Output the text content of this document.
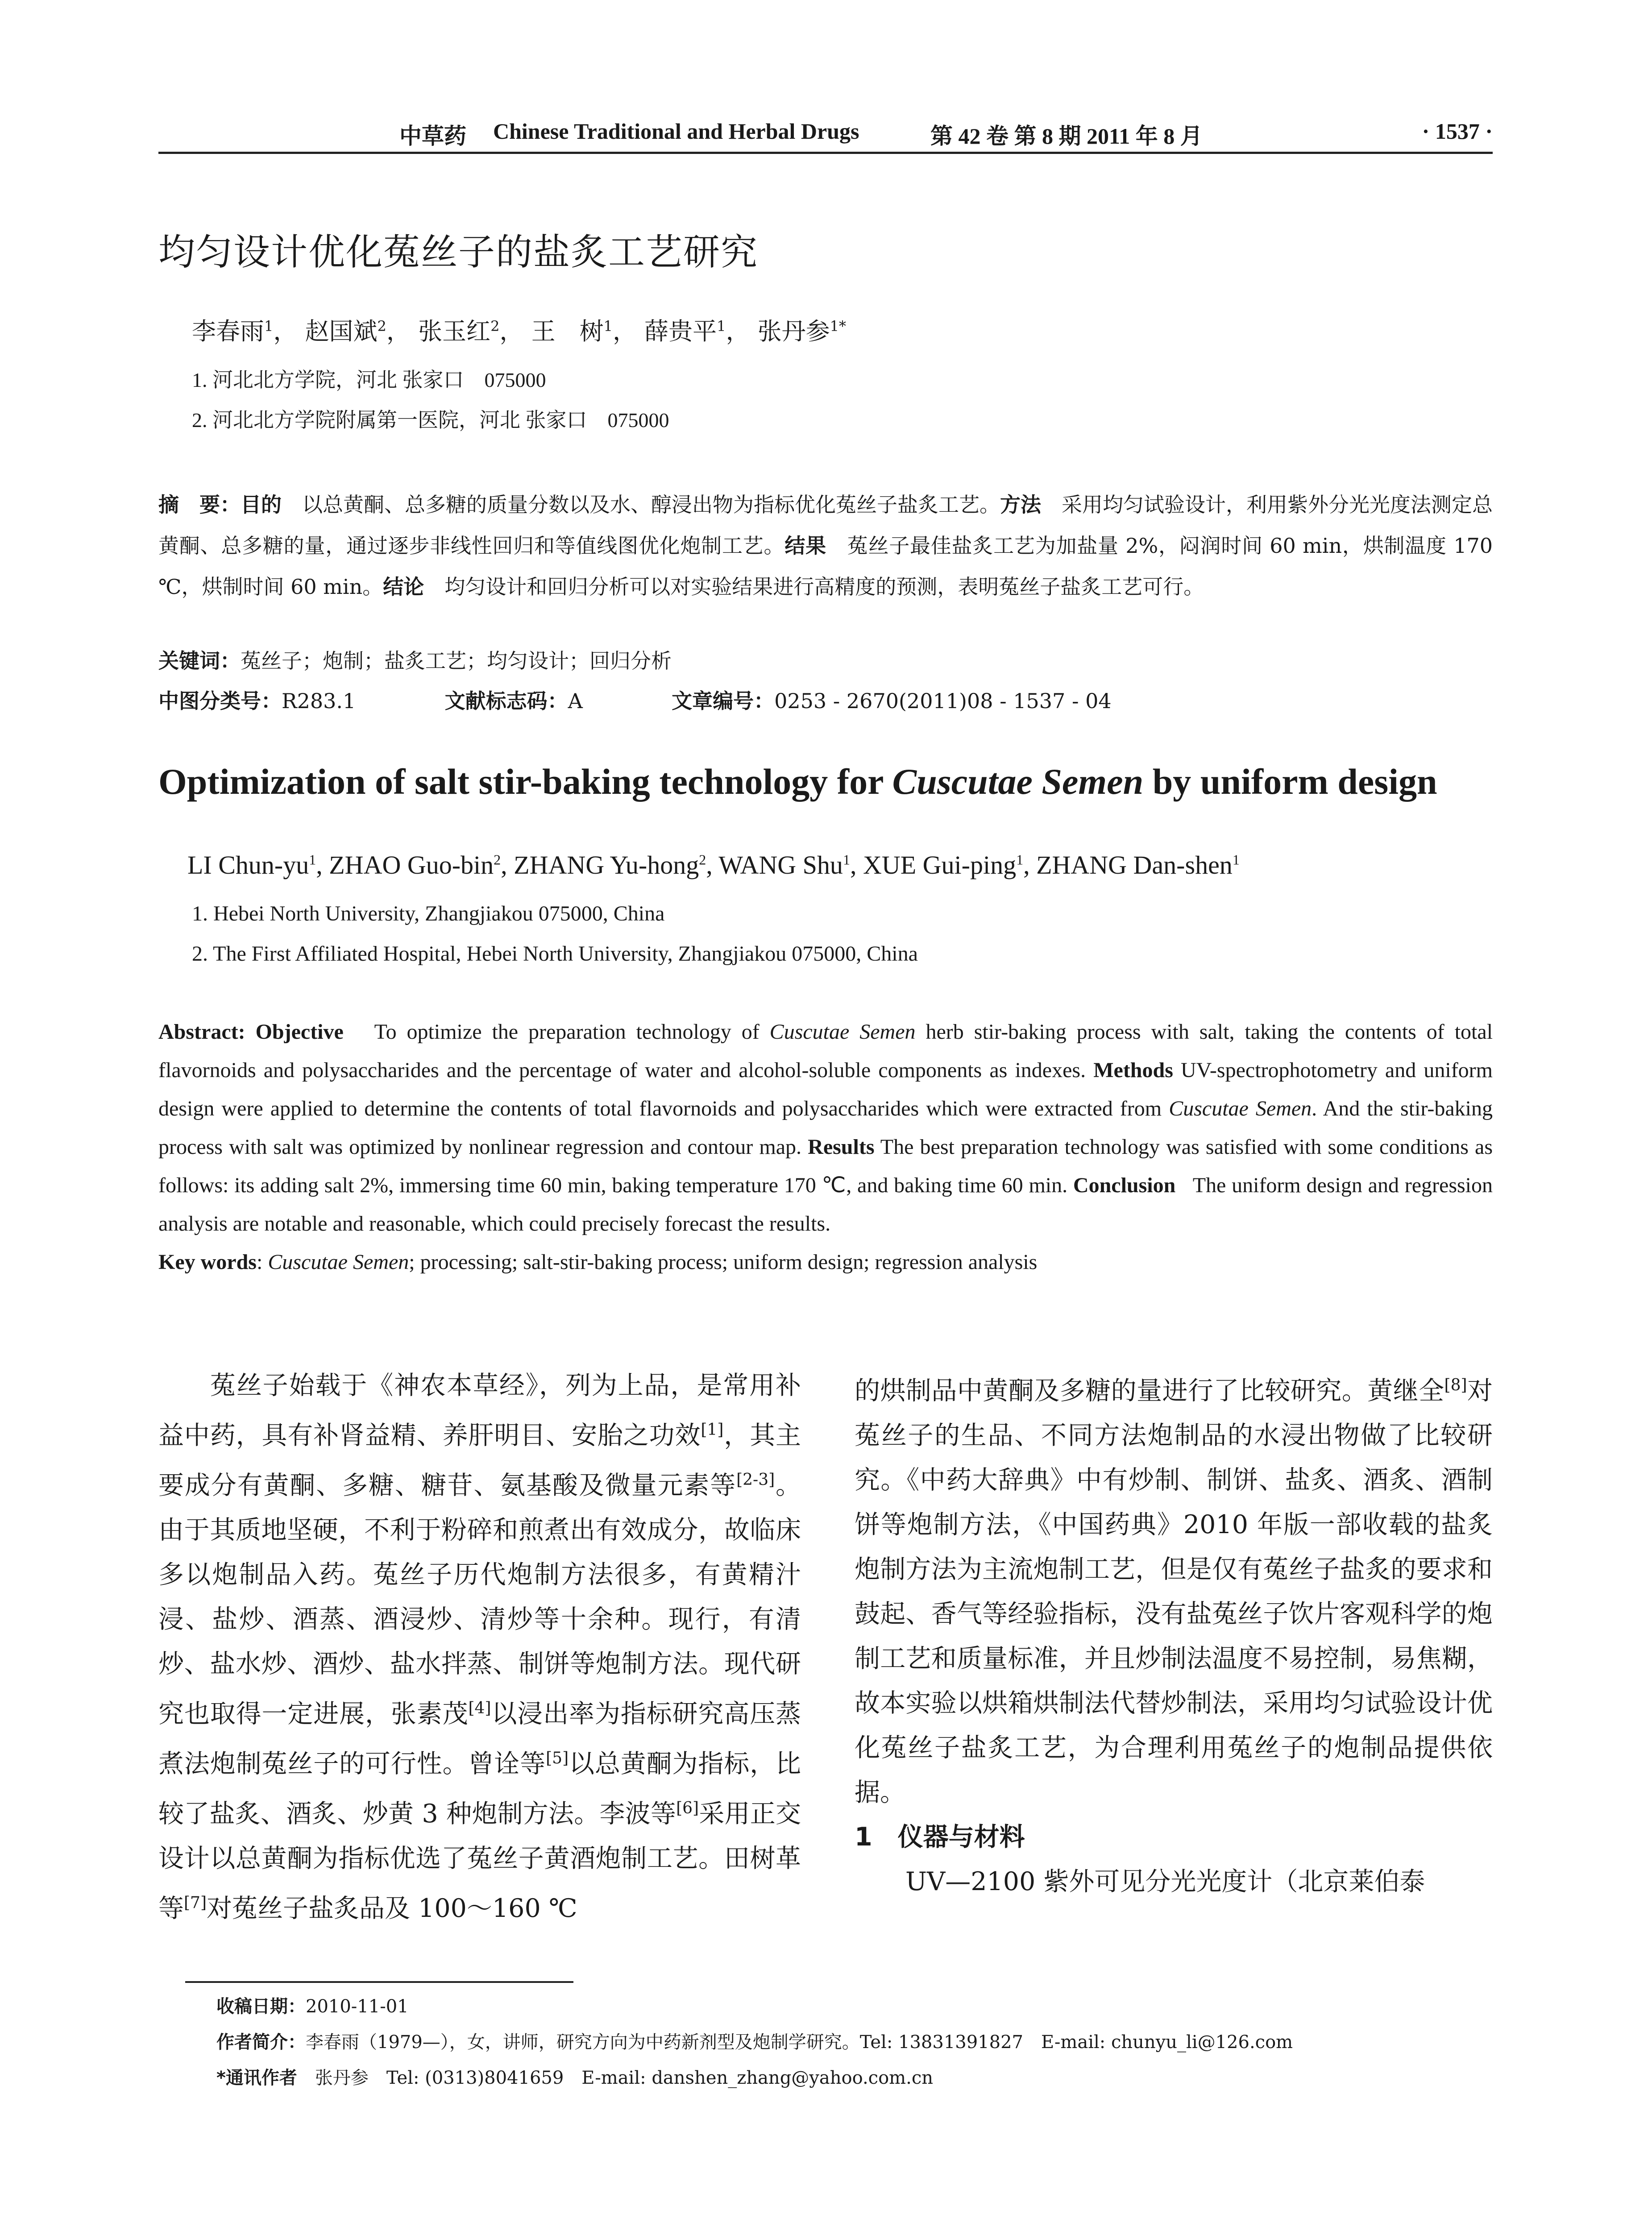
中草药 Chinese Traditional and Herbal Drugs	第 42 卷 第 8 期 2011 年 8 月	· 1537 ·
均匀设计优化菟丝子的盐炙工艺研究
李春雨$^1$， 赵国斌$^2$， 张玉红$^2$， 王　树$^1$， 薛贵平$^1$， 张丹参$^{1*}$
1. 河北北方学院，河北 张家口　075000
2. 河北北方学院附属第一医院，河北 张家口　075000
摘　要：目的　 以总黄酮、总多糖的质量分数以及水、醇浸出物为指标优化菟丝子盐炙工艺。方法　 采用均匀试验设计，利用紫外分光光度法测定总黄酮、总多糖的量，通过逐步非线性回归和等值线图优化炮制工艺。结果　 菟丝子最佳盐炙工艺为加盐量 2%，闷润时间 60 min，烘制温度 170 ℃，烘制时间 60 min。结论　 均匀设计和回归分析可以对实验结果进行高精度的预测，表明菟丝子盐炙工艺可行。
关键词：菟丝子；炮制；盐炙工艺；均匀设计；回归分析
中图分类号：R283.1	文献标志码：A	文章编号：0253 - 2670(2011)08 - 1537 - 04
Optimization of salt stir-baking technology for Cuscutae Semen by uniform design
LI Chun-$yu^1$, ZHAO Guo-bin$^2$, ZHANG Yu-hong$^2$, WANG Shu$^1$, XUE Gui-ping$^1$, ZHANG Dan-shen$^1$
1. Hebei North University, Zhangjiakou 075000, China
2. The First Affiliated Hospital, Hebei North University, Zhangjiakou 075000, China
Abstract: Objective To optimize the preparation technology of Cuscutae Semen herb stir-baking process with salt, taking the contents of total flavornoids and polysaccharides and the percentage of water and alcohol-soluble components as indexes. Methods UV-spectrophotometry and uniform design were applied to determine the contents of total flavornoids and polysaccharides which were extracted from Cuscutae Semen. And the stir-baking process with salt was optimized by nonlinear regression and contour map. Results The best preparation technology was satisfied with some conditions as follows: its adding salt 2%, immersing time 60 min, baking temperature 170 ℃, and baking time 60 min. Conclusion The uniform design and regression analysis are notable and reasonable, which could precisely forecast the results.
Key words: Cuscutae Semen; processing; salt-stir-baking process; uniform design; regression analysis
菟丝子始载于《神农本草经》，列为上品，是常用补益中药，具有补肾益精、养肝明目、安胎之功效[1]，其主要成分有黄酮、多糖、糖苷、氨基酸及微量元素等[2-3]。由于其质地坚硬，不利于粉碎和煎煮出有效成分，故临床多以炮制品入药。菟丝子历代炮制方法很多，有黄精汁浸、盐炒、酒蒸、酒浸炒、清炒等十余种。现行，有清炒、盐水炒、酒炒、盐水拌蒸、制饼等炮制方法。现代研究也取得一定进展，张素茂[4]以浸出率为指标研究高压蒸煮法炮制菟丝子的可行性。曾诠等[5]以总黄酮为指标，比较了盐炙、酒炙、炒黄 3 种炮制方法。李波等[6]采用正交设计以总黄酮为指标优选了菟丝子黄酒炮制工艺。田树革等[7]对菟丝子盐炙品及 100～160 ℃
的烘制品中黄酮及多糖的量进行了比较研究。黄继全[8]对菟丝子的生品、不同方法炮制品的水浸出物做了比较研究。《中药大辞典》中有炒制、制饼、盐炙、酒炙、酒制饼等炮制方法，《中国药典》2010 年版一部收载的盐炙炮制方法为主流炮制工艺，但是仅有菟丝子盐炙的要求和鼓起、香气等经验指标，没有盐菟丝子饮片客观科学的炮制工艺和质量标准，并且炒制法温度不易控制，易焦糊，故本实验以烘箱烘制法代替炒制法，采用均匀试验设计优化菟丝子盐炙工艺，为合理利用菟丝子的炮制品提供依据。
1　 仪器与材料
UV—2100 紫外可见分光光度计（北京莱伯泰
收稿日期：2010-11-01
作者简介：李春雨（1979—），女，讲师，研究方向为中药新剂型及炮制学研究。Tel: 13831391827　E-mail: chunyu_li@126.com
*通讯作者　 张丹参　Tel: (0313)8041659　E-mail: danshen_zhang@yahoo.com.cn
